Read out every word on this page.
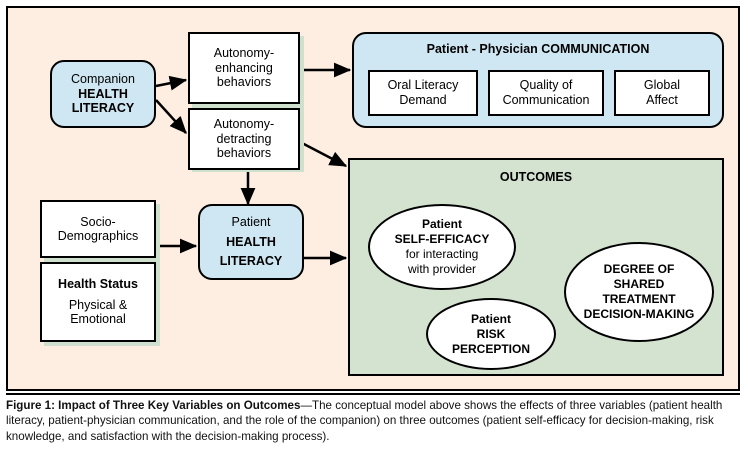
Companion
HEALTH
LITERACY
Autonomy-
enhancing
behaviors
Autonomy-
detracting
behaviors
Socio-
Demographics
Health Status
Physical &
Emotional
Patient
HEALTH
LITERACY
Patient - Physician COMMUNICATION
Oral Literacy
Demand
Quality of
Communication
Global
Affect
OUTCOMES
Patient
SELF-EFFICACY
for interacting
with provider
Patient
RISK
PERCEPTION
DEGREE OF
SHARED
TREATMENT
DECISION-MAKING
Figure 1: Impact of Three Key Variables on Outcomes—The conceptual model above shows the effects of three variables (patient health literacy, patient-physician communication, and the role of the companion) on three outcomes (patient self-efficacy for decision-making, risk knowledge, and satisfaction with the decision-making process).
